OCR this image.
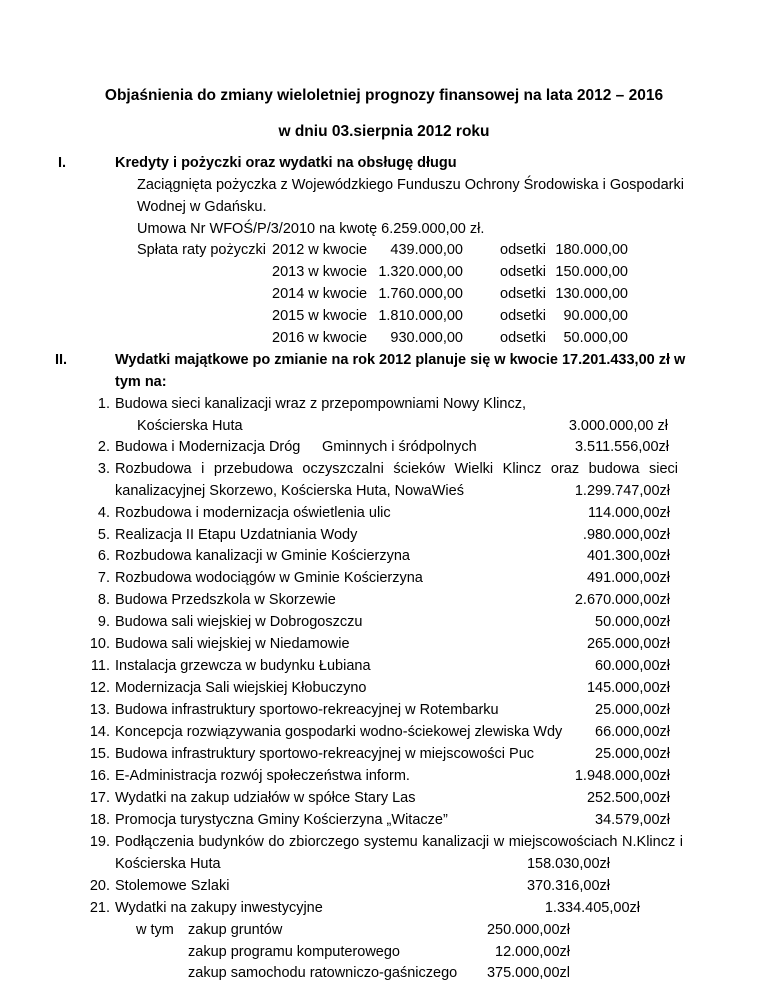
Objaśnienia do zmiany wieloletniej prognozy finansowej na lata 2012 – 2016
w dniu 03.sierpnia 2012 roku
I.	Kredyty i pożyczki oraz wydatki na obsługę długu
Zaciągnięta pożyczka z Wojewódzkiego Funduszu Ochrony Środowiska i Gospodarki
Wodnej w Gdańsku.
Umowa Nr WFOŚ/P/3/2010 na kwotę 6.259.000,00 zł.
Spłata raty pożyczki 2012 w kwocie	439.000,00	odsetki 180.000,00
2013 w kwocie 1.320.000,00	odsetki 150.000,00
2014 w kwocie 1.760.000,00	odsetki 130.000,00
2015 w kwocie 1.810.000,00	odsetki	90.000,00
2016 w kwocie	930.000,00	odsetki	50.000,00
II.	Wydatki majątkowe po zmianie na rok 2012 planuje się w kwocie 17.201.433,00 zł w
tym na:
1. Budowa sieci kanalizacji wraz z przepompowniami Nowy Klincz,
Kościerska Huta	3.000.000,00 zł
2. Budowa i Modernizacja Dróg Gminnych i śródpolnych	3.511.556,00zł
3. Rozbudowa i przebudowa oczyszczalni ścieków Wielki Klincz oraz budowa sieci
kanalizacyjnej Skorzewo, Kościerska Huta, NowaWieś	1.299.747,00zł
4. Rozbudowa i modernizacja oświetlenia ulic	114.000,00zł
5. Realizacja II Etapu Uzdatniania Wody	.980.000,00zł
6. Rozbudowa kanalizacji w Gminie Kościerzyna	401.300,00zł
7. Rozbudowa wodociągów w Gminie Kościerzyna	491.000,00zł
8. Budowa Przedszkola w Skorzewie	2.670.000,00zł
9. Budowa sali wiejskiej w Dobrogoszczu	50.000,00zł
10. Budowa sali wiejskiej w Niedamowie	265.000,00zł
11. Instalacja grzewcza w budynku Łubiana	60.000,00zł
12. Modernizacja Sali wiejskiej Kłobuczyno	145.000,00zł
13. Budowa infrastruktury sportowo-rekreacyjnej w Rotembarku	25.000,00zł
14. Koncepcja rozwiązywania gospodarki wodno-ściekowej zlewiska Wdy	66.000,00zł
15. Budowa infrastruktury sportowo-rekreacyjnej w miejscowości Puc	25.000,00zł
16. E-Administracja rozwój społeczeństwa inform.	1.948.000,00zł
17. Wydatki na zakup udziałów w spółce Stary Las	252.500,00zł
18. Promocja turystyczna Gminy Kościerzyna „Witacze”	34.579,00zł
19. Podłączenia budynków do zbiorczego systemu kanalizacji w miejscowościach N.Klincz i
Kościerska Huta	158.030,00zł
20. Stolemowe Szlaki	370.316,00zł
21. Wydatki na zakupy inwestycyjne	1.334.405,00zł
w tym zakup gruntów	250.000,00zł
zakup programu komputerowego	12.000,00zł
zakup samochodu ratowniczo-gaśniczego	375.000,00zl
